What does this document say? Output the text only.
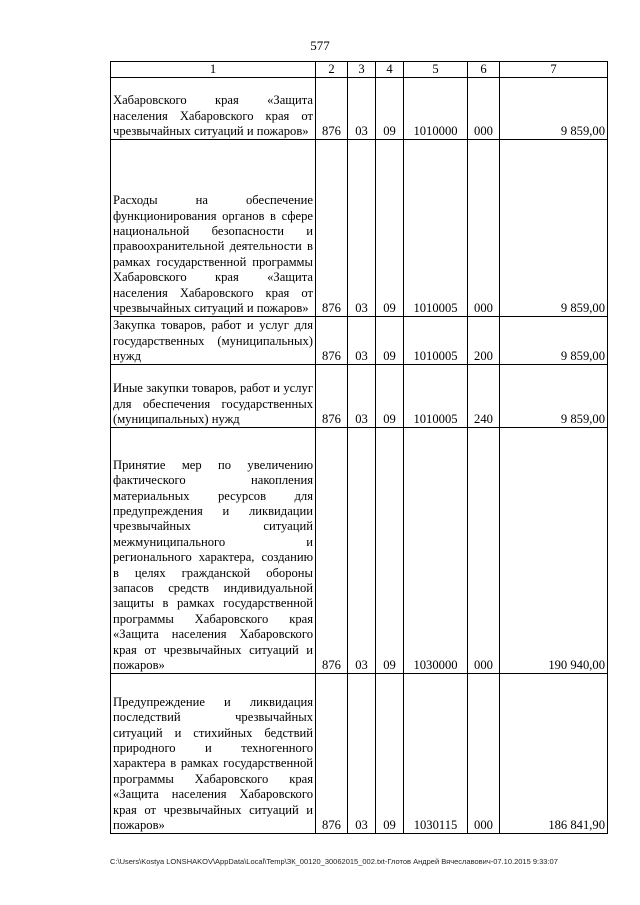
577
1	2	3	4	5	6	7
Хабаровского края «Защита населения Хабаровского края от чрезвычайных ситуаций и пожаров»	876	03	09	1010000	000	9 859,00
Расходы на обеспечение функционирования органов в сфере национальной безопасности и правоохранительной деятельности в рамках государственной программы Хабаровского края «Защита населения Хабаровского края от чрезвычайных ситуаций и пожаров»	876	03	09	1010005	000	9 859,00
Закупка товаров, работ и услуг для государственных (муниципальных) нужд	876	03	09	1010005	200	9 859,00
Иные закупки товаров, работ и услуг для обеспечения государственных (муниципальных) нужд	876	03	09	1010005	240	9 859,00
Принятие мер по увеличению фактического накопления материальных ресурсов для предупреждения и ликвидации чрезвычайных ситуаций межмуниципального и регионального характера, созданию в целях гражданской обороны запасов средств индивидуальной защиты в рамках государственной программы Хабаровского края «Защита населения Хабаровского края от чрезвычайных ситуаций и пожаров»	876	03	09	1030000	000	190 940,00
Предупреждение и ликвидация последствий чрезвычайных ситуаций и стихийных бедствий природного и техногенного характера в рамках государственной программы Хабаровского края «Защита населения Хабаровского края от чрезвычайных ситуаций и пожаров»	876	03	09	1030115	000	186 841,90
C:\Users\Kostya LONSHAKOV\AppData\Local\Temp\ЗК_00120_30062015_002.txt-Глотов Андрей Вячеславович-07.10.2015 9:33:07
